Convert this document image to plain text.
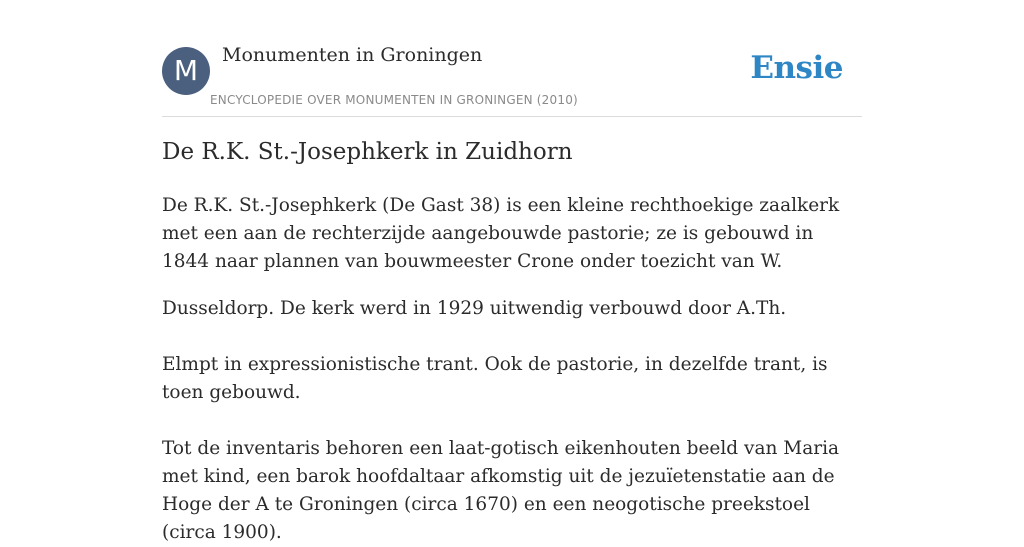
M	Monumenten in Groningen
ENCYCLOPEDIE OVER MONUMENTEN IN GRONINGEN (2010)
Ensie
De R.K. St.-Josephkerk in Zuidhorn

De R.K. St.-Josephkerk (De Gast 38) is een kleine rechthoekige zaalkerk met een aan de rechterzijde aangebouwde pastorie; ze is gebouwd in 1844 naar plannen van bouwmeester Crone onder toezicht van W.

Dusseldorp. De kerk werd in 1929 uitwendig verbouwd door A.Th.

Elmpt in expressionistische trant. Ook de pastorie, in dezelfde trant, is toen gebouwd.

Tot de inventaris behoren een laat-gotisch eikenhouten beeld van Maria met kind, een barok hoofdaltaar afkomstig uit de jezuïetenstatie aan de Hoge der A te Groningen (circa 1670) en een neogotische preekstoel (circa 1900).
